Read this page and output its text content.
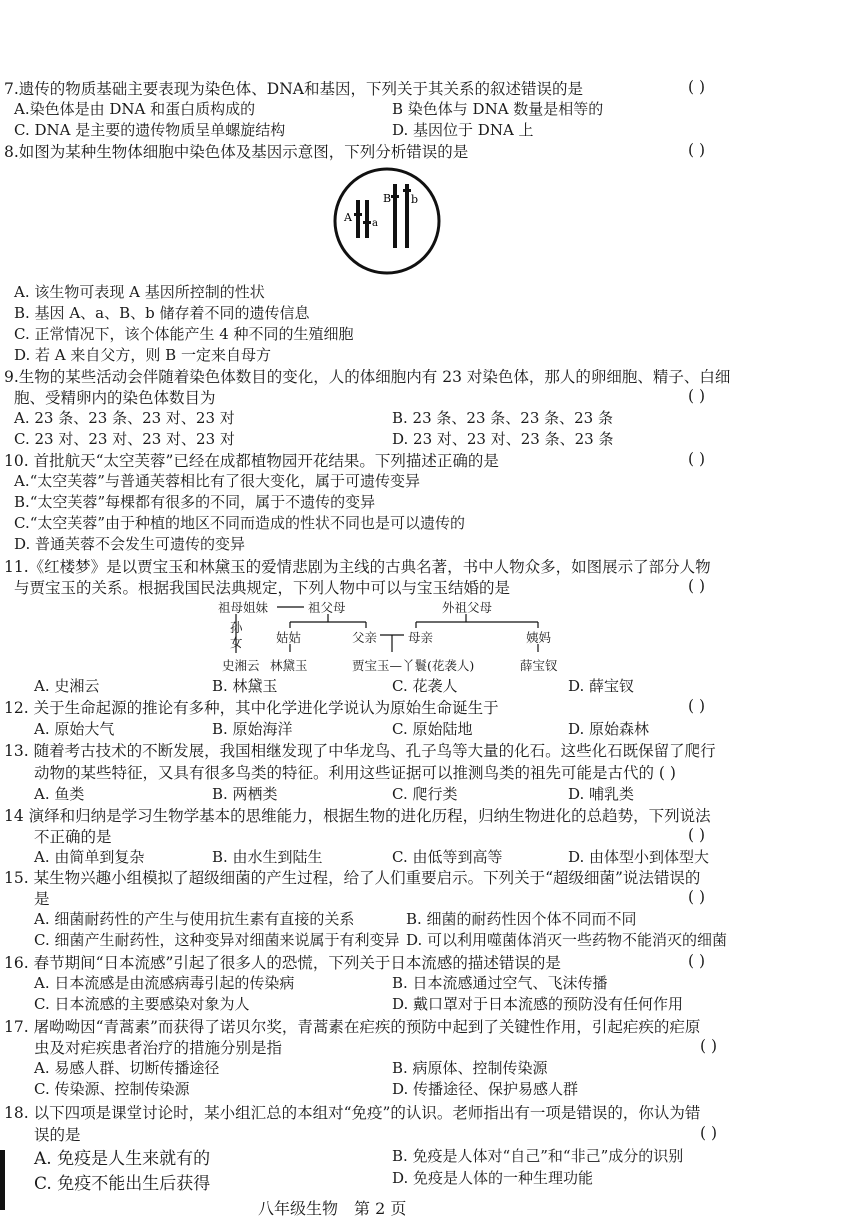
7.遗传的物质基础主要表现为染色体、DNA和基因，下列关于其关系的叙述错误的是	( )
A.染色体是由 DNA 和蛋白质构成的	B 染色体与 DNA 数量是相等的
C. DNA 是主要的遗传物质呈单螺旋结构	D. 基因位于 DNA 上
8.如图为某种生物体细胞中染色体及基因示意图，下列分析错误的是	( )
A a
B b
A. 该生物可表现 A 基因所控制的性状
B. 基因 A、a、B、b 储存着不同的遗传信息
C. 正常情况下，该个体能产生 4 种不同的生殖细胞
D. 若 A 来自父方，则 B 一定来自母方
9.生物的某些活动会伴随着染色体数目的变化，人的体细胞内有 23 对染色体，那人的卵细胞、精子、白细
胞、受精卵内的染色体数目为	( )
A. 23 条、23 条、23 对、23 对	B. 23 条、23 条、23 条、23 条
C. 23 对、23 对、23 对、23 对	D. 23 对、23 对、23 条、23 条
10. 首批航天“太空芙蓉”已经在成都植物园开花结果。下列描述正确的是	( )
A.“太空芙蓉”与普通芙蓉相比有了很大变化，属于可遗传变异
B.“太空芙蓉”每棵都有很多的不同，属于不遗传的变异
C.“太空芙蓉”由于种植的地区不同而造成的性状不同也是可以遗传的
D. 普通芙蓉不会发生可遗传的变异
11.《红楼梦》是以贾宝玉和林黛玉的爱情悲剧为主线的古典名著，书中人物众多，如图展示了部分人物
与贾宝玉的关系。根据我国民法典规定，下列人物中可以与宝玉结婚的是	( )
祖母姐妹	祖父母	外祖父母
孙女	姑姑	父亲 母亲	姨妈
史湘云 林黛玉	贾宝玉—丫鬟(花袭人)	薛宝钗
A. 史湘云	B. 林黛玉	C. 花袭人	D. 薛宝钗
12. 关于生命起源的推论有多种，其中化学进化学说认为原始生命诞生于	( )
A. 原始大气	B. 原始海洋	C. 原始陆地	D. 原始森林
13. 随着考古技术的不断发展，我国相继发现了中华龙鸟、孔子鸟等大量的化石。这些化石既保留了爬行
动物的某些特征，又具有很多鸟类的特征。利用这些证据可以推测鸟类的祖先可能是古代的 ( )
A. 鱼类	B. 两栖类	C. 爬行类	D. 哺乳类
14 演绎和归纳是学习生物学基本的思维能力，根据生物的进化历程，归纳生物进化的总趋势，下列说法
不正确的是	( )
A. 由简单到复杂	B. 由水生到陆生	C. 由低等到高等	D. 由体型小到体型大
15. 某生物兴趣小组模拟了超级细菌的产生过程，给了人们重要启示。下列关于“超级细菌”说法错误的
是	( )
A. 细菌耐药性的产生与使用抗生素有直接的关系	B. 细菌的耐药性因个体不同而不同
C. 细菌产生耐药性，这种变异对细菌来说属于有利变异 D. 可以利用噬菌体消灭一些药物不能消灭的细菌
16. 春节期间“日本流感”引起了很多人的恐慌，下列关于日本流感的描述错误的是	( )
A. 日本流感是由流感病毒引起的传染病	B. 日本流感通过空气、飞沫传播
C. 日本流感的主要感染对象为人	D. 戴口罩对于日本流感的预防没有任何作用
17. 屠呦呦因“青蒿素”而获得了诺贝尔奖，青蒿素在疟疾的预防中起到了关键性作用，引起疟疾的疟原
虫及对疟疾患者治疗的措施分别是指	( )
A. 易感人群、切断传播途径	B. 病原体、控制传染源
C. 传染源、控制传染源	D. 传播途径、保护易感人群
18. 以下四项是课堂讨论时，某小组汇总的本组对“免疫”的认识。老师指出有一项是错误的，你认为错
误的是	( )
A. 免疫是人生来就有的	B. 免疫是人体对“自己”和“非己”成分的识别
C. 免疫不能出生后获得	D. 免疫是人体的一种生理功能
八年级生物　第 2 页
